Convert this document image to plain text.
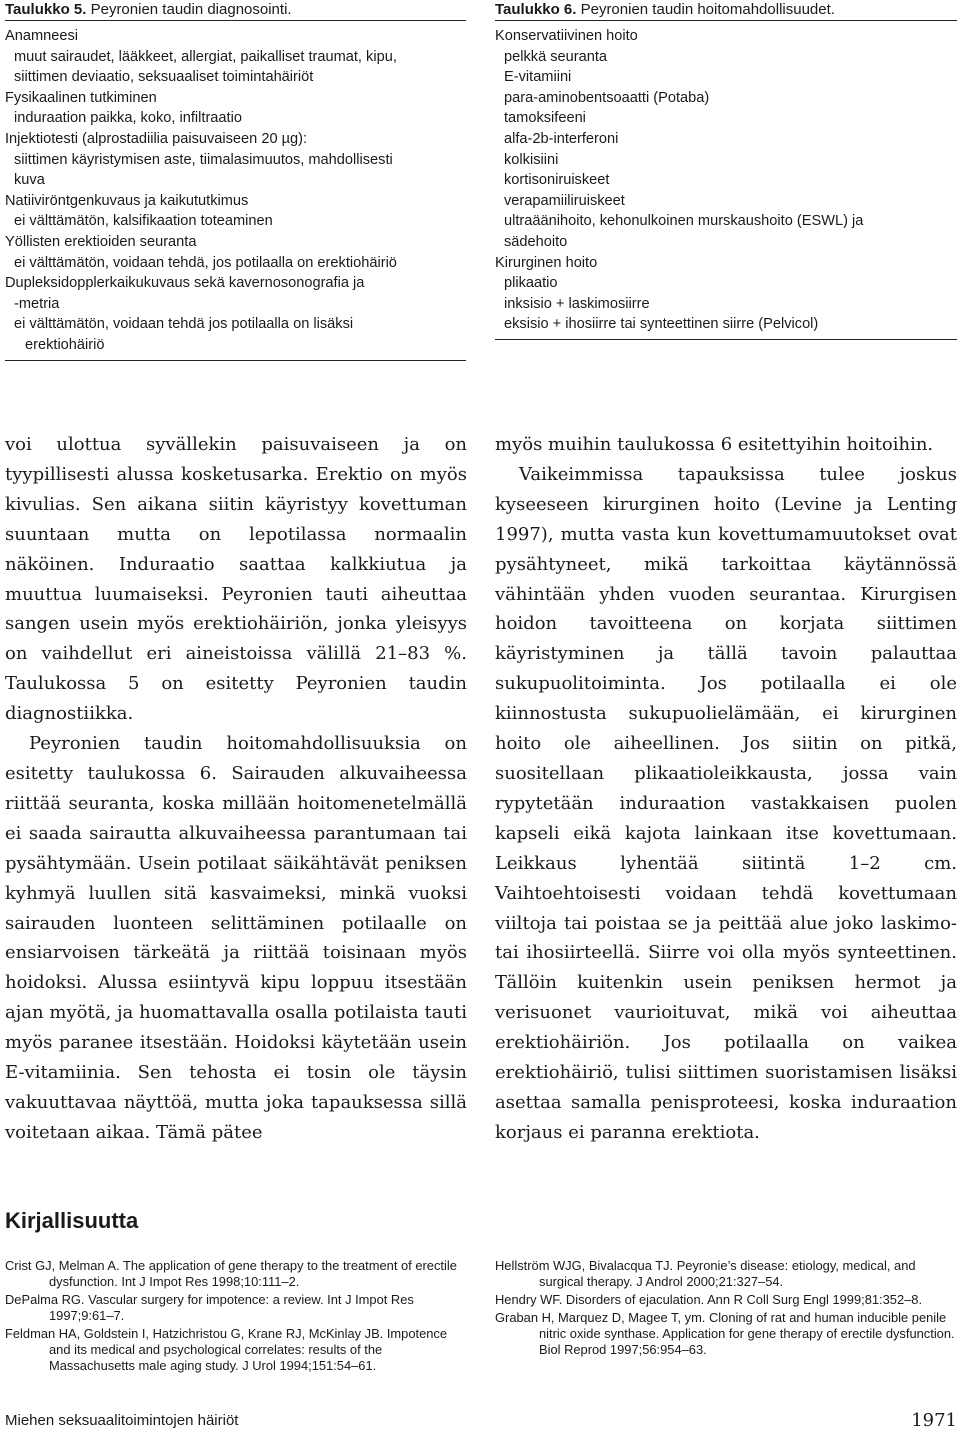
Taulukko 5. Peyronien taudin diagnosointi.
Anamneesi
muut sairaudet, lääkkeet, allergiat, paikalliset traumat, kipu,
siittimen deviaatio, seksuaaliset toimintahäiriöt
Fysikaalinen tutkiminen
induraation paikka, koko, infiltraatio
Injektiotesti (alprostadiilia paisuvaiseen 20 µg):
siittimen käyristymisen aste, tiimalasimuutos, mahdollisesti
kuva
Natiiviröntgenkuvaus ja kaikututkimus
ei välttämätön, kalsifikaation toteaminen
Yöllisten erektioiden seuranta
ei välttämätön, voidaan tehdä, jos potilaalla on erektiohäiriö
Dupleksidopplerkaikukuvaus sekä kavernosonografia ja
-metria
ei välttämätön, voidaan tehdä jos potilaalla on lisäksi
erektiohäiriö
Taulukko 6. Peyronien taudin hoitomahdollisuudet.
Konservatiivinen hoito
pelkkä seuranta
E-vitamiini
para-aminobentsoaatti (Potaba)
tamoksifeeni
alfa-2b-interferoni
kolkisiini
kortisoniruiskeet
verapamiiliruiskeet
ultraäänihoito, kehonulkoinen murskaushoito (ESWL) ja
sädehoito
Kirurginen hoito
plikaatio
inksisio + laskimosiirre
eksisio + ihosiirre tai synteettinen siirre (Pelvicol)

voi ulottua syvällekin paisuvaiseen ja on tyypillisesti alussa kosketusarka. Erektio on myös kivulias. Sen aikana siitin käyristyy kovettuman suuntaan mutta on lepotilassa normaalin näköinen. Induraatio saattaa kalkkiutua ja muuttua luumaiseksi. Peyronien tauti aiheuttaa sangen usein myös erektiohäiriön, jonka yleisyys on vaihdellut eri aineistoissa välillä 21–83 %. Taulukossa 5 on esitetty Peyronien taudin diagnostiikka.

Peyronien taudin hoitomahdollisuuksia on esitetty taulukossa 6. Sairauden alkuvaiheessa riittää seuranta, koska millään hoitomenetelmällä ei saada sairautta alkuvaiheessa parantumaan tai pysähtymään. Usein potilaat säikähtävät peniksen kyhmyä luullen sitä kasvaimeksi, minkä vuoksi sairauden luonteen selittäminen potilaalle on ensiarvoisen tärkeätä ja riittää toisinaan myös hoidoksi. Alussa esiintyvä kipu loppuu itsestään ajan myötä, ja huomattavalla osalla potilaista tauti myös paranee itsestään. Hoidoksi käytetään usein E-vitamiinia. Sen tehosta ei tosin ole täysin vakuuttavaa näyttöä, mutta joka tapauksessa sillä voitetaan aikaa. Tämä pätee

myös muihin taulukossa 6 esitettyihin hoitoihin.

Vaikeimmissa tapauksissa tulee joskus kyseeseen kirurginen hoito (Levine ja Lenting 1997), mutta vasta kun kovettumamuutokset ovat pysähtyneet, mikä tarkoittaa käytännössä vähintään yhden vuoden seurantaa. Kirurgisen hoidon tavoitteena on korjata siittimen käyristyminen ja tällä tavoin palauttaa sukupuolitoiminta. Jos potilaalla ei ole kiinnostusta sukupuolielämään, ei kirurginen hoito ole aiheellinen. Jos siitin on pitkä, suositellaan plikaatioleikkausta, jossa vain rypytetään induraation vastakkaisen puolen kapseli eikä kajota lainkaan itse kovettumaan. Leikkaus lyhentää siitintä 1–2 cm. Vaihtoehtoisesti voidaan tehdä kovettumaan viiltoja tai poistaa se ja peittää alue joko laskimo- tai ihosiirteellä. Siirre voi olla myös synteettinen. Tällöin kuitenkin usein peniksen hermot ja verisuonet vaurioituvat, mikä voi aiheuttaa erektiohäiriön. Jos potilaalla on vaikea erektiohäiriö, tulisi siittimen suoristamisen lisäksi asettaa samalla penisproteesi, koska induraation korjaus ei paranna erektiota.

Kirjallisuutta
Crist GJ, Melman A. The application of gene therapy to the treatment of erectile dysfunction. Int J Impot Res 1998;10:111–2.
DePalma RG. Vascular surgery for impotence: a review. Int J Impot Res 1997;9:61–7.
Feldman HA, Goldstein I, Hatzichristou G, Krane RJ, McKinlay JB. Impotence and its medical and psychological correlates: results of the Massachusetts male aging study. J Urol 1994;151:54–61.
Hellström WJG, Bivalacqua TJ. Peyronie’s disease: etiology, medical, and surgical therapy. J Androl 2000;21:327–54.
Hendry WF. Disorders of ejaculation. Ann R Coll Surg Engl 1999;81:352–8.
Graban H, Marquez D, Magee T, ym. Cloning of rat and human inducible penile nitric oxide synthase. Application for gene therapy of erectile dysfunction. Biol Reprod 1997;56:954–63.
Miehen seksuaalitoimintojen häiriöt	1971
